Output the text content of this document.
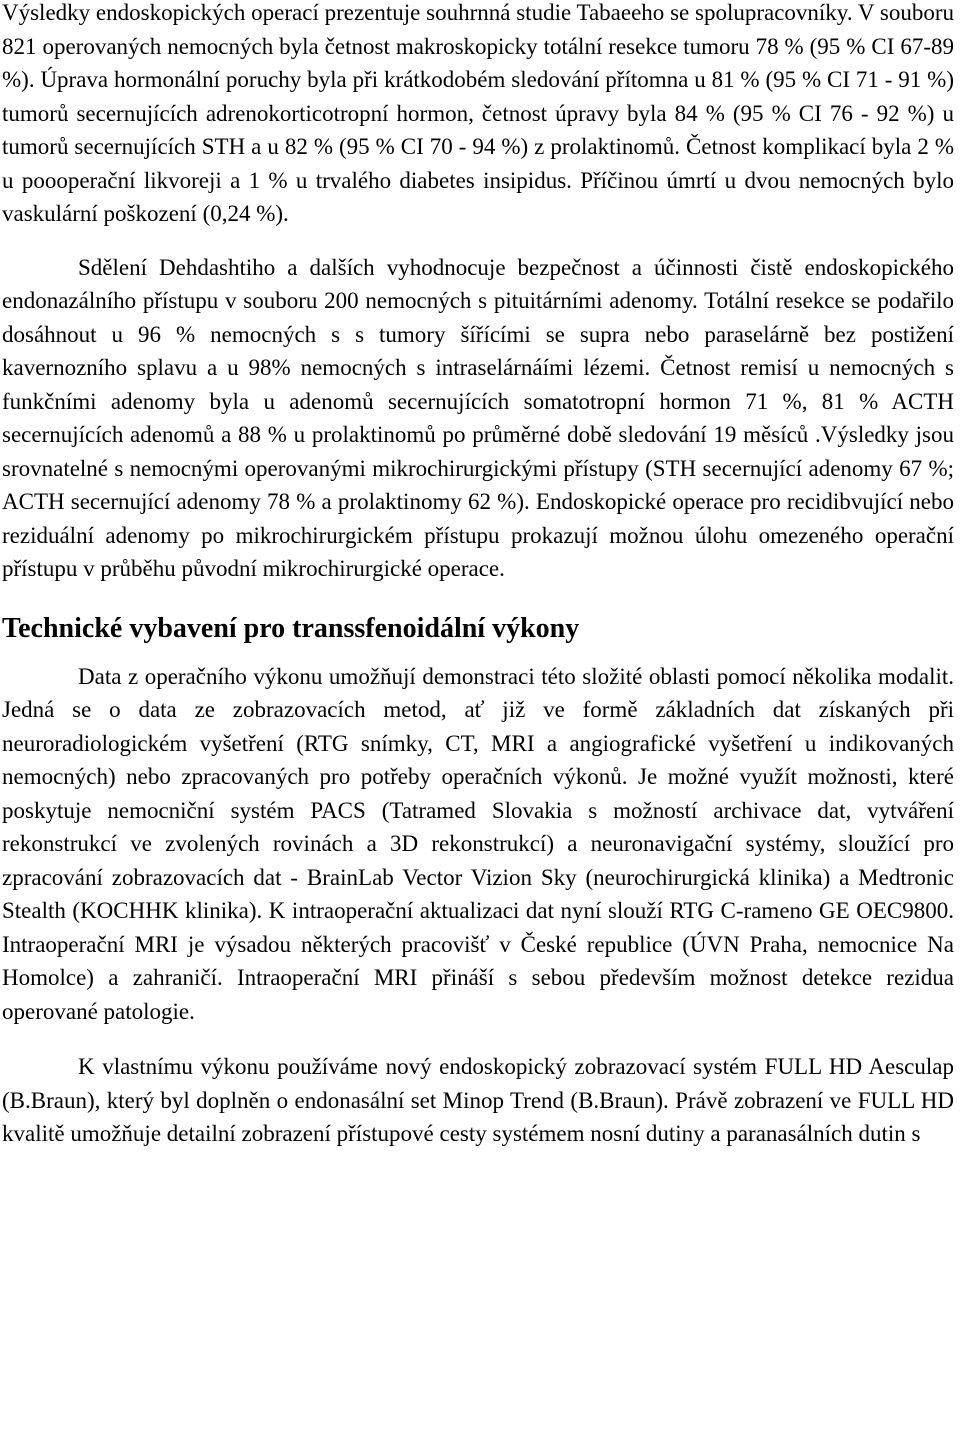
Výsledky endoskopických operací prezentuje souhrnná studie Tabaeeho se spolupracovníky. V souboru 821 operovaných nemocných byla četnost makroskopicky totální resekce tumoru 78 % (95 % CI 67-89 %). Úprava hormonální poruchy byla při krátkodobém sledování přítomna u 81 % (95 % CI 71 - 91 %) tumorů secernujících adrenokorticotropní hormon, četnost úpravy byla 84 % (95 % CI 76 - 92 %) u tumorů secernujících STH a u 82 % (95 % CI 70 - 94 %) z prolaktinomů. Četnost komplikací byla 2 % u poooperační likvoreji a 1 % u trvalého diabetes insipidus. Příčinou úmrtí u dvou nemocných bylo vaskulární poškození (0,24 %).

Sdělení Dehdashtiho a dalších vyhodnocuje bezpečnost a účinnosti čistě endoskopického endonazálního přístupu v souboru 200 nemocných s pituitárními adenomy. Totální resekce se podařilo dosáhnout u 96 % nemocných s s tumory šířícími se supra nebo paraselárně bez postižení kavernozního splavu a u 98% nemocných s intraselárnáími lézemi. Četnost remisí u nemocných s funkčními adenomy byla u adenomů secernujících somatotropní hormon 71 %, 81 % ACTH secernujících adenomů a 88 % u prolaktinomů po průměrné době sledování 19 měsíců .Výsledky jsou srovnatelné s nemocnými operovanými mikrochirurgickými přístupy (STH secernující adenomy 67 %; ACTH secernující adenomy 78 % a prolaktinomy 62 %). Endoskopické operace pro recidibvující nebo reziduální adenomy po mikrochirurgickém přístupu prokazují možnou úlohu omezeného operační přístupu v průběhu původní mikrochirurgické operace.

Technické vybavení pro transsfenoidální výkony

Data z operačního výkonu umožňují demonstraci této složité oblasti pomocí několika modalit. Jedná se o data ze zobrazovacích metod, ať již ve formě základních dat získaných při neuroradiologickém vyšetření (RTG snímky, CT, MRI a angiografické vyšetření u indikovaných nemocných) nebo zpracovaných pro potřeby operačních výkonů. Je možné využít možnosti, které poskytuje nemocniční systém PACS (Tatramed Slovakia s možností archivace dat, vytváření rekonstrukcí ve zvolených rovinách a 3D rekonstrukcí) a neuronavigační systémy, sloužící pro zpracování zobrazovacích dat - BrainLab Vector Vizion Sky (neurochirurgická klinika) a Medtronic Stealth (KOCHHK klinika). K intraoperační aktualizaci dat nyní slouží RTG C-rameno GE OEC9800. Intraoperační MRI je výsadou některých pracovišť v České republice (ÚVN Praha, nemocnice Na Homolce) a zahraničí. Intraoperační MRI přináší s sebou především možnost detekce rezidua operované patologie.

K vlastnímu výkonu používáme nový endoskopický zobrazovací systém FULL HD Aesculap (B.Braun), který byl doplněn o endonasální set Minop Trend (B.Braun). Právě zobrazení ve FULL HD kvalitě umožňuje detailní zobrazení přístupové cesty systémem nosní dutiny a paranasálních dutin s
